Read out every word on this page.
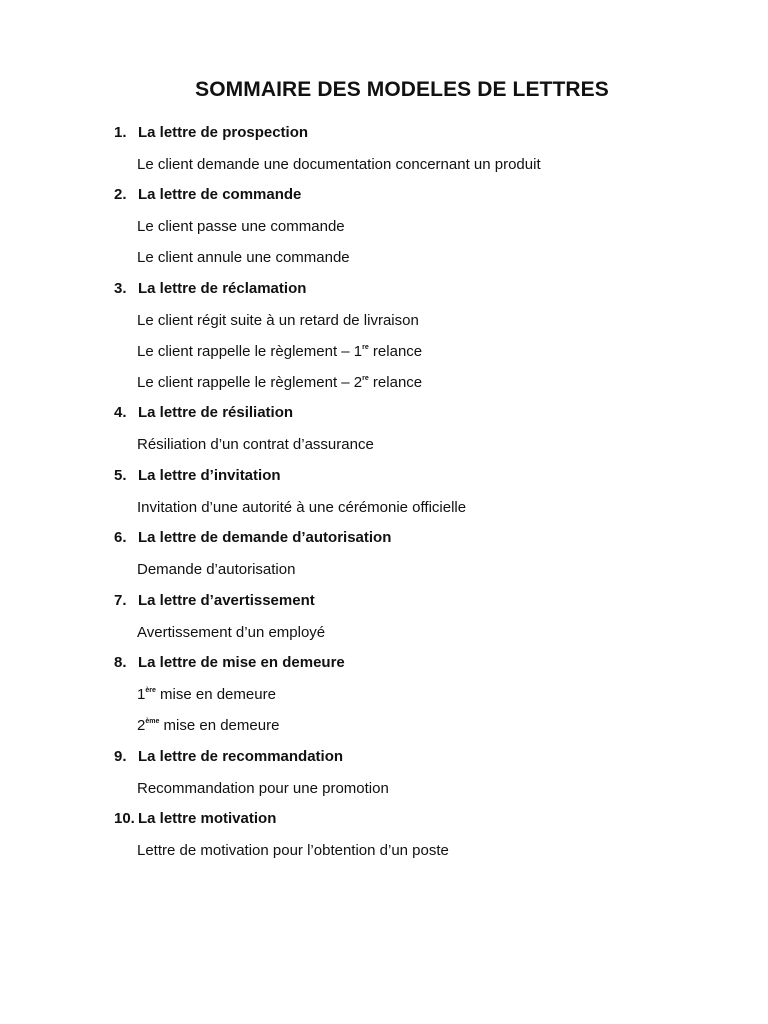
SOMMAIRE DES MODELES DE LETTRES
1. La lettre de prospection
Le client demande une documentation concernant un produit
2. La lettre de commande
Le client passe une commande
Le client annule une commande
3. La lettre de réclamation
Le client régit suite à un retard de livraison
Le client rappelle le règlement – 1re relance
Le client rappelle le règlement – 2re relance
4. La lettre de résiliation
Résiliation d’un contrat d’assurance
5. La lettre d’invitation
Invitation d’une autorité à une cérémonie officielle
6. La lettre de demande d’autorisation
Demande d’autorisation
7. La lettre d’avertissement
Avertissement d’un employé
8. La lettre de mise en demeure
1ère mise en demeure
2ème mise en demeure
9. La lettre de recommandation
Recommandation pour une promotion
10. La lettre motivation
Lettre de motivation pour l’obtention d’un poste
